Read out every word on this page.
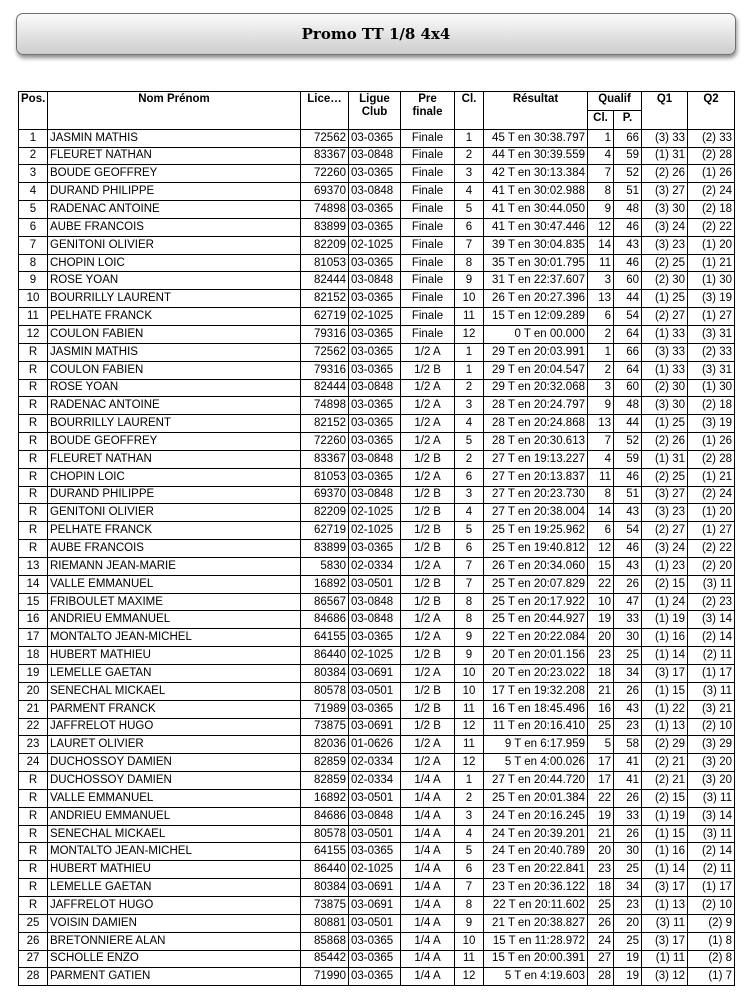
Promo TT 1/8 4x4
Pos.	Nom Prénom	Lice…	Ligue Club	Pre finale	Cl.	Résultat	Qualif		Q1	Q2
							Cl.	P.		
1	JASMIN MATHIS	72562	03-0365	Finale	1	45 T en 30:38.797	1	66	(3) 33	(2) 33
2	FLEURET NATHAN	83367	03-0848	Finale	2	44 T en 30:39.559	4	59	(1) 31	(2) 28
3	BOUDE GEOFFREY	72260	03-0365	Finale	3	42 T en 30:13.384	7	52	(2) 26	(1) 26
4	DURAND PHILIPPE	69370	03-0848	Finale	4	41 T en 30:02.988	8	51	(3) 27	(2) 24
5	RADENAC ANTOINE	74898	03-0365	Finale	5	41 T en 30:44.050	9	48	(3) 30	(2) 18
6	AUBE FRANCOIS	83899	03-0365	Finale	6	41 T en 30:47.446	12	46	(3) 24	(2) 22
7	GENITONI OLIVIER	82209	02-1025	Finale	7	39 T en 30:04.835	14	43	(3) 23	(1) 20
8	CHOPIN LOIC	81053	03-0365	Finale	8	35 T en 30:01.795	11	46	(2) 25	(1) 21
9	ROSE YOAN	82444	03-0848	Finale	9	31 T en 22:37.607	3	60	(2) 30	(1) 30
10	BOURRILLY LAURENT	82152	03-0365	Finale	10	26 T en 20:27.396	13	44	(1) 25	(3) 19
11	PELHATE FRANCK	62719	02-1025	Finale	11	15 T en 12:09.289	6	54	(2) 27	(1) 27
12	COULON FABIEN	79316	03-0365	Finale	12	0 T en 00.000	2	64	(1) 33	(3) 31
R	JASMIN MATHIS	72562	03-0365	1/2 A	1	29 T en 20:03.991	1	66	(3) 33	(2) 33
R	COULON FABIEN	79316	03-0365	1/2 B	1	29 T en 20:04.547	2	64	(1) 33	(3) 31
R	ROSE YOAN	82444	03-0848	1/2 A	2	29 T en 20:32.068	3	60	(2) 30	(1) 30
R	RADENAC ANTOINE	74898	03-0365	1/2 A	3	28 T en 20:24.797	9	48	(3) 30	(2) 18
R	BOURRILLY LAURENT	82152	03-0365	1/2 A	4	28 T en 20:24.868	13	44	(1) 25	(3) 19
R	BOUDE GEOFFREY	72260	03-0365	1/2 A	5	28 T en 20:30.613	7	52	(2) 26	(1) 26
R	FLEURET NATHAN	83367	03-0848	1/2 B	2	27 T en 19:13.227	4	59	(1) 31	(2) 28
R	CHOPIN LOIC	81053	03-0365	1/2 A	6	27 T en 20:13.837	11	46	(2) 25	(1) 21
R	DURAND PHILIPPE	69370	03-0848	1/2 B	3	27 T en 20:23.730	8	51	(3) 27	(2) 24
R	GENITONI OLIVIER	82209	02-1025	1/2 B	4	27 T en 20:38.004	14	43	(3) 23	(1) 20
R	PELHATE FRANCK	62719	02-1025	1/2 B	5	25 T en 19:25.962	6	54	(2) 27	(1) 27
R	AUBE FRANCOIS	83899	03-0365	1/2 B	6	25 T en 19:40.812	12	46	(3) 24	(2) 22
13	RIEMANN JEAN-MARIE	5830	02-0334	1/2 A	7	26 T en 20:34.060	15	43	(1) 23	(2) 20
14	VALLE EMMANUEL	16892	03-0501	1/2 B	7	25 T en 20:07.829	22	26	(2) 15	(3) 11
15	FRIBOULET MAXIME	86567	03-0848	1/2 B	8	25 T en 20:17.922	10	47	(1) 24	(2) 23
16	ANDRIEU EMMANUEL	84686	03-0848	1/2 A	8	25 T en 20:44.927	19	33	(1) 19	(3) 14
17	MONTALTO JEAN-MICHEL	64155	03-0365	1/2 A	9	22 T en 20:22.084	20	30	(1) 16	(2) 14
18	HUBERT MATHIEU	86440	02-1025	1/2 B	9	20 T en 20:01.156	23	25	(1) 14	(2) 11
19	LEMELLE GAETAN	80384	03-0691	1/2 A	10	20 T en 20:23.022	18	34	(3) 17	(1) 17
20	SENECHAL MICKAEL	80578	03-0501	1/2 B	10	17 T en 19:32.208	21	26	(1) 15	(3) 11
21	PARMENT FRANCK	71989	03-0365	1/2 B	11	16 T en 18:45.496	16	43	(1) 22	(3) 21
22	JAFFRELOT HUGO	73875	03-0691	1/2 B	12	11 T en 20:16.410	25	23	(1) 13	(2) 10
23	LAURET OLIVIER	82036	01-0626	1/2 A	11	9 T en 6:17.959	5	58	(2) 29	(3) 29
24	DUCHOSSOY DAMIEN	82859	02-0334	1/2 A	12	5 T en 4:00.026	17	41	(2) 21	(3) 20
R	DUCHOSSOY DAMIEN	82859	02-0334	1/4 A	1	27 T en 20:44.720	17	41	(2) 21	(3) 20
R	VALLE EMMANUEL	16892	03-0501	1/4 A	2	25 T en 20:01.384	22	26	(2) 15	(3) 11
R	ANDRIEU EMMANUEL	84686	03-0848	1/4 A	3	24 T en 20:16.245	19	33	(1) 19	(3) 14
R	SENECHAL MICKAEL	80578	03-0501	1/4 A	4	24 T en 20:39.201	21	26	(1) 15	(3) 11
R	MONTALTO JEAN-MICHEL	64155	03-0365	1/4 A	5	24 T en 20:40.789	20	30	(1) 16	(2) 14
R	HUBERT MATHIEU	86440	02-1025	1/4 A	6	23 T en 20:22.841	23	25	(1) 14	(2) 11
R	LEMELLE GAETAN	80384	03-0691	1/4 A	7	23 T en 20:36.122	18	34	(3) 17	(1) 17
R	JAFFRELOT HUGO	73875	03-0691	1/4 A	8	22 T en 20:11.602	25	23	(1) 13	(2) 10
25	VOISIN DAMIEN	80881	03-0501	1/4 A	9	21 T en 20:38.827	26	20	(3) 11	(2) 9
26	BRETONNIERE ALAN	85868	03-0365	1/4 A	10	15 T en 11:28.972	24	25	(3) 17	(1) 8
27	SCHOLLE ENZO	85442	03-0365	1/4 A	11	15 T en 20:00.391	27	19	(1) 11	(2) 8
28	PARMENT GATIEN	71990	03-0365	1/4 A	12	5 T en 4:19.603	28	19	(3) 12	(1) 7
